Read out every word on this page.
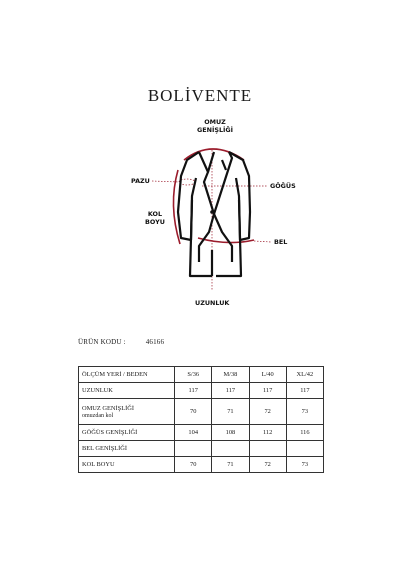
BOLİVENTE
OMUZ
GENİŞLİĞİ
PAZU
GÖĞÜS
KOL
BOYU
BEL
UZUNLUK
ÜRÜN KODU :	46166
ÖLÇÜM YERİ / BEDEN	S/36	M/38	L/40	XL/42
UZUNLUK	117	117	117	117
OMUZ GENİŞLİĞİ
omuzdan kol	70	71	72	73
GÖĞÜS GENİŞLİĞİ	104	108	112	116
BEL GENİŞLİĞİ				
KOL BOYU	70	71	72	73
